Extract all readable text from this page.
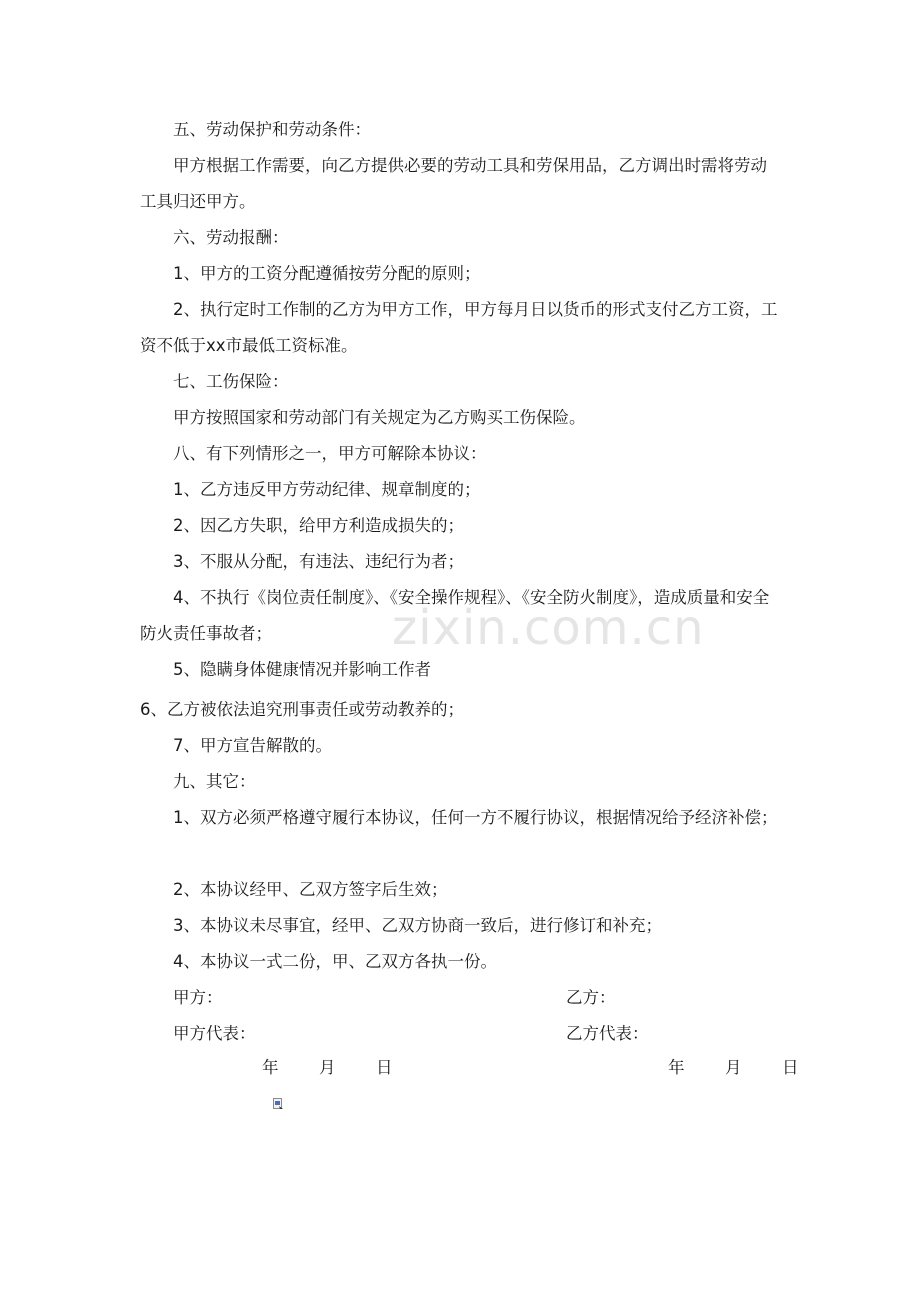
五、劳动保护和劳动条件：

甲方根据工作需要，向乙方提供必要的劳动工具和劳保用品，乙方调出时需将劳动工具归还甲方。

六、劳动报酬：

1、甲方的工资分配遵循按劳分配的原则；

2、执行定时工作制的乙方为甲方工作，甲方每月日以货币的形式支付乙方工资，工资不低于xx市最低工资标准。

七、工伤保险：

甲方按照国家和劳动部门有关规定为乙方购买工伤保险。

八、有下列情形之一，甲方可解除本协议：

1、乙方违反甲方劳动纪律、规章制度的；

2、因乙方失职，给甲方利造成损失的；

3、不服从分配，有违法、违纪行为者；

4、不执行《岗位责任制度》、《安全操作规程》、《安全防火制度》，造成质量和安全防火责任事故者；

5、隐瞒身体健康情况并影响工作者

6、乙方被依法追究刑事责任或劳动教养的；

7、甲方宣告解散的。

九、其它：

1、双方必须严格遵守履行本协议，任何一方不履行协议，根据情况给予经济补偿；

2、本协议经甲、乙双方签字后生效；

3、本协议未尽事宜，经甲、乙双方协商一致后，进行修订和补充；

4、本协议一式二份，甲、乙双方各执一份。

甲方：	乙方：
甲方代表：	乙方代表：
年 月 日	年 月 日
zixin.com.cn
